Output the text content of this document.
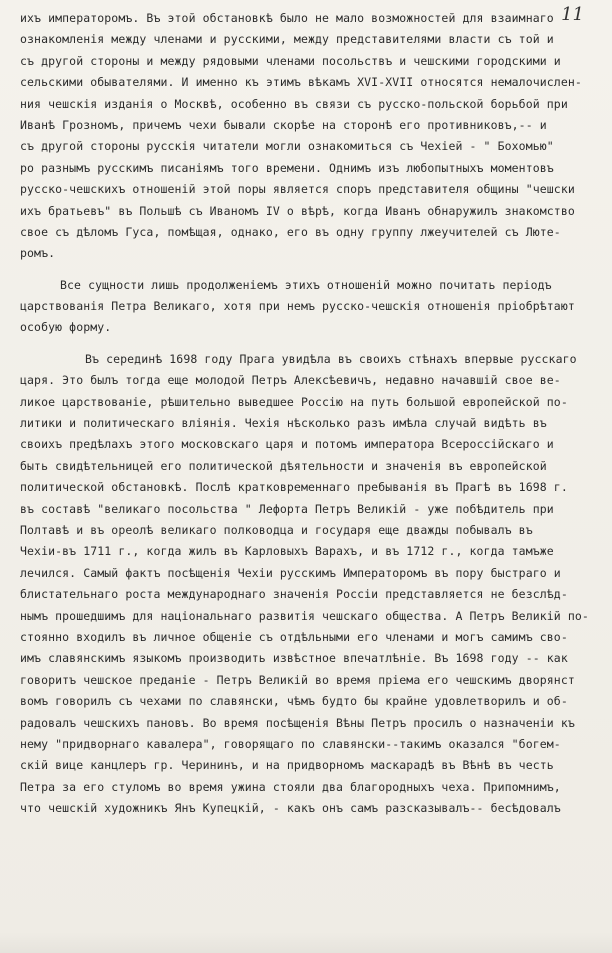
11
ихъ императоромъ. Въ этой обстановкѣ было не мало возможностей для взаимнаго
ознакомленія между членами и русскими, между представителями власти съ той и
съ другой стороны и между рядовыми членами посольствъ и чешскими городскими и
сельскими обывателями. И именно къ этимъ вѣкамъ XVI-XVII относятся немалочислен-
ния чешскія изданія о Москвѣ, особенно въ связи съ русско-польской борьбой при
Иванѣ Грозномъ, причемъ чехи бывали скорѣе на сторонѣ его противниковъ,-- и
съ другой стороны русскія читатели могли ознакомиться съ Чехіей - " Бохомью"
ро разнымъ русскимъ писаніямъ того времени. Однимъ изъ любопытныхъ моментовъ
русско-чешскихъ отношеній этой поры является споръ представителя общины "чешски
ихъ братьевъ" въ Польшѣ съ Иваномъ IV о вѣрѣ, когда Иванъ обнаружилъ знакомство
свое съ дѣломъ Гуса, помѣщая, однако, его въ одну группу лжеучителей съ Люте-
ромъ.
Все сущности лишь продолженіемъ этихъ отношеній можно почитать періодъ
царствованія Петра Великаго, хотя при немъ русско-чешскія отношенія пріобрѣтают
особую форму.
Въ серединѣ 1698 году Прага увидѣла въ своихъ стѣнахъ впервые русскаго
царя. Это былъ тогда еще молодой Петръ Алексѣевичъ, недавно начавшій свое ве-
ликое царствованіе, рѣшительно выведшее Россію на путь большой европейской по-
литики и политическаго вліянія. Чехія нѣсколько разъ имѣла случай видѣть въ
своихъ предѣлахъ этого московскаго царя и потомъ императора Всероссійскаго и
быть свидѣтельницей его политической дѣятельности и значенія въ европейской
политической обстановкѣ. Послѣ кратковременнаго пребыванія въ Прагѣ въ 1698 г.
въ составѣ "великаго посольства " Лефорта Петръ Великій - уже побѣдитель при
Полтавѣ и въ ореолѣ великаго полководца и государя еще дважды побывалъ въ
Чехіи-въ 1711 г., когда жилъ въ Карловыхъ Варахъ, и въ 1712 г., когда тамъже
лечился. Самый фактъ посѣщенія Чехіи русскимъ Императоромъ въ пору быстраго и
блистательнаго роста международнаго значенія Россіи представляется не безслѣд-
нымъ прошедшимъ для національнаго развитія чешскаго общества. А Петръ Великій по-
стоянно входилъ въ личное общеніе съ отдѣльными его членами и могъ самимъ сво-
имъ славянскимъ языкомъ производить извѣстное впечатлѣніе. Въ 1698 году -- как
говоритъ чешское преданіе - Петръ Великій во время пріема его чешскимъ дворянст
вомъ говорилъ съ чехами по славянски, чѣмъ будто бы крайне удовлетворилъ и об-
радовалъ чешскихъ пановъ. Во время посѣщенія Вѣны Петръ просилъ о назначеніи къ
нему "придворнаго кавалера", говорящаго по славянски--такимъ оказался "богем-
скій вице канцлеръ гр. Черининъ, и на придворномъ маскарадѣ въ Вѣнѣ въ честь
Петра за его стуломъ во время ужина стояли два благородныхъ чеха. Припомнимъ,
что чешскій художникъ Янъ Купецкій, - какъ онъ самъ разсказывалъ-- бесѣдовалъ
